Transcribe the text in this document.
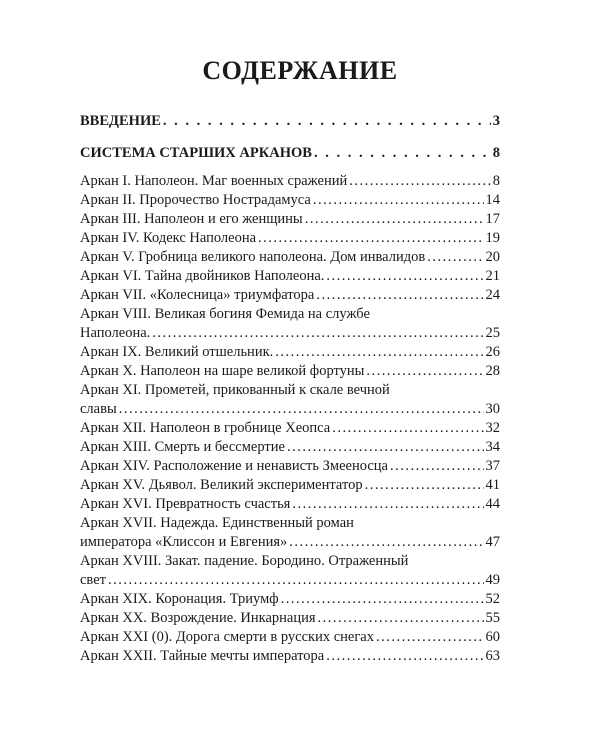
СОДЕРЖАНИЕ
ВВЕДЕНИЕ . . .	3
СИСТЕМА СТАРШИХ АРКАНОВ . . .	8
Аркан I. Наполеон. Маг военных сражений .....	8
Аркан II. Пророчество Нострадамуса .....	14
Аркан III. Наполеон и его женщины .....	17
Аркан IV. Кодекс Наполеона .....	19
Аркан V. Гробница великого наполеона. Дом инвалидов .....	20
Аркан VI. Тайна двойников Наполеона. .....	21
Аркан VII. «Колесница» триумфатора .....	24
Аркан VIII. Великая богиня Фемида на службе
Наполеона. .....	25
Аркан IX. Великий отшельник. .....	26
Аркан X. Наполеон на шаре великой фортуны .....	28
Аркан XI. Прометей, прикованный к скале вечной
славы .....	30
Аркан XII. Наполеон в гробнице Хеопса .....	32
Аркан XIII. Смерть и бессмертие .....	34
Аркан XIV. Расположение и ненависть Змееносца .....	37
Аркан XV. Дьявол. Великий экспериментатор .....	41
Аркан XVI. Превратность счастья .....	44
Аркан XVII. Надежда. Единственный роман
императора «Клиссон и Евгения» .....	47
Аркан XVIII. Закат. падение. Бородино. Отраженный
свет .....	49
Аркан XIX. Коронация. Триумф .....	52
Аркан XX. Возрождение. Инкарнация .....	55
Аркан XXI (0). Дорога смерти в русских снегах .....	60
Аркан XXII. Тайные мечты императора .....	63
